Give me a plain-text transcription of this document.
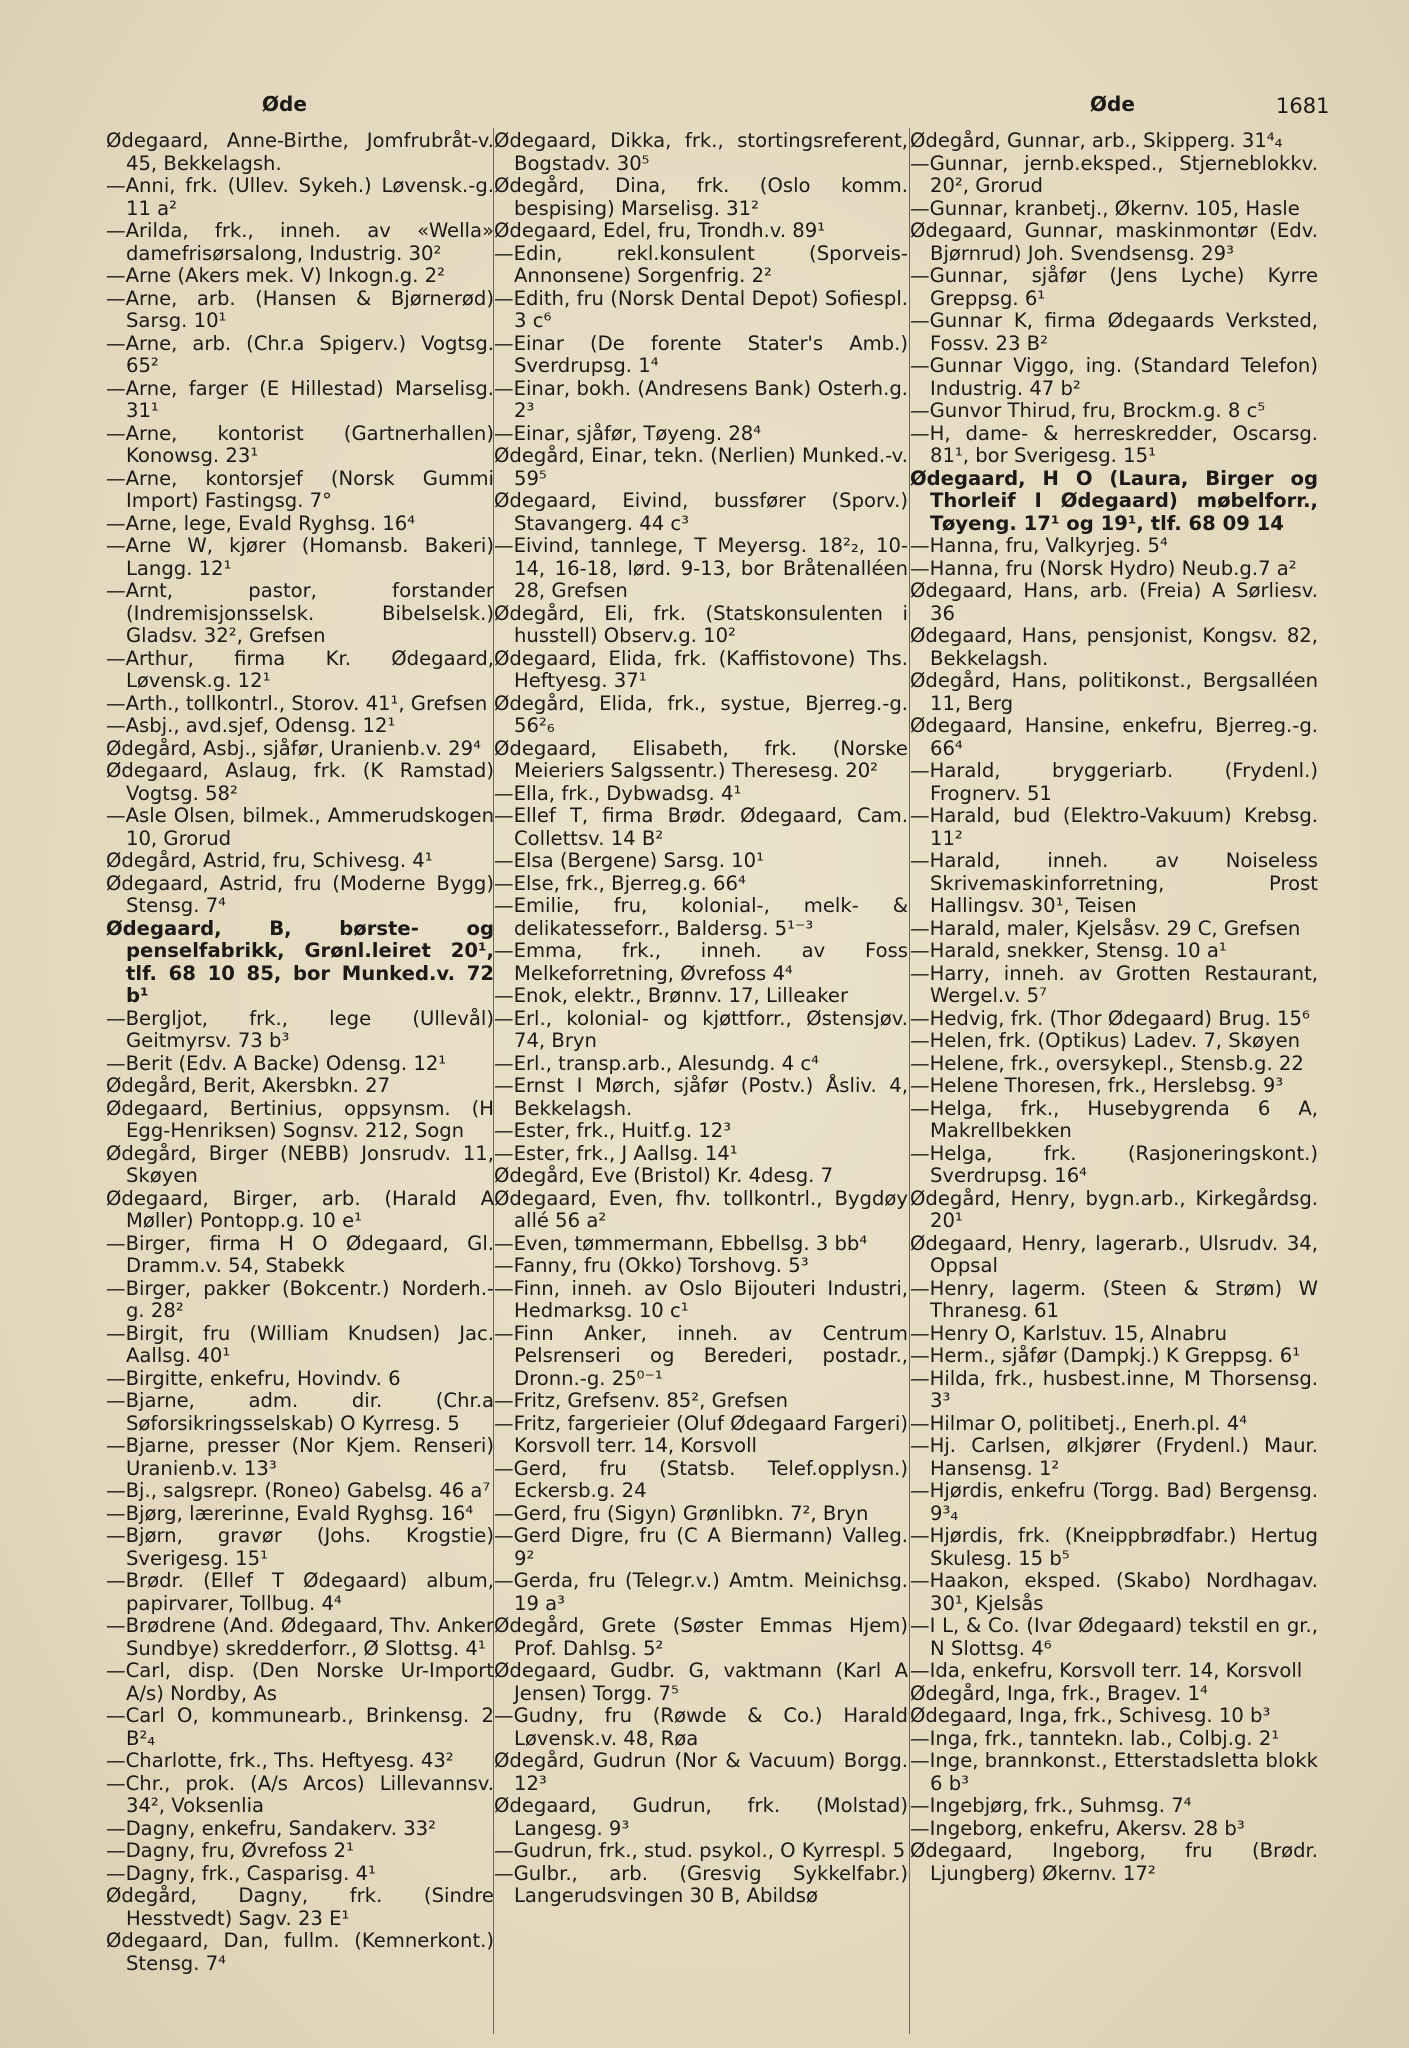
Øde	Øde	1681
Ødegaard, Anne-Birthe, Jomfrubråt-v. 45, Bekkelagsh.
—Anni, frk. (Ullev. Sykeh.) Løvensk.-g. 11 a²
—Arilda, frk., inneh. av «Wella» damefrisørsalong, Industrig. 30²
—Arne (Akers mek. V) Inkogn.g. 2²
—Arne, arb. (Hansen & Bjørnerød) Sarsg. 10¹
—Arne, arb. (Chr.a Spigerv.) Vogtsg. 65²
—Arne, farger (E Hillestad) Marselisg. 31¹
—Arne, kontorist (Gartnerhallen) Konowsg. 23¹
—Arne, kontorsjef (Norsk Gummi Import) Fastingsg. 7°
—Arne, lege, Evald Ryghsg. 16⁴
—Arne W, kjører (Homansb. Bakeri) Langg. 12¹
—Arnt, pastor, forstander (Indremisjonsselsk. Bibelselsk.) Gladsv. 32², Grefsen
—Arthur, firma Kr. Ødegaard, Løvensk.g. 12¹
—Arth., tollkontrl., Storov. 41¹, Grefsen
—Asbj., avd.sjef, Odensg. 12¹
Ødegård, Asbj., sjåfør, Uranienb.v. 29⁴
Ødegaard, Aslaug, frk. (K Ramstad) Vogtsg. 58²
—Asle Olsen, bilmek., Ammerudskogen 10, Grorud
Ødegård, Astrid, fru, Schivesg. 4¹
Ødegaard, Astrid, fru (Moderne Bygg) Stensg. 7⁴
Ødegaard, B, børste- og penselfabrikk, Grønl.leiret 20¹, tlf. 68 10 85, bor Munked.v. 72 b¹
—Bergljot, frk., lege (Ullevål) Geitmyrsv. 73 b³
—Berit (Edv. A Backe) Odensg. 12¹
Ødegård, Berit, Akersbkn. 27
Ødegaard, Bertinius, oppsynsm. (H Egg-Henriksen) Sognsv. 212, Sogn
Ødegård, Birger (NEBB) Jonsrudv. 11, Skøyen
Ødegaard, Birger, arb. (Harald A Møller) Pontopp.g. 10 e¹
—Birger, firma H O Ødegaard, Gl. Dramm.v. 54, Stabekk
—Birger, pakker (Bokcentr.) Norderh.-g. 28²
—Birgit, fru (William Knudsen) Jac. Aallsg. 40¹
—Birgitte, enkefru, Hovindv. 6
—Bjarne, adm. dir. (Chr.a Søforsikringsselskab) O Kyrresg. 5
—Bjarne, presser (Nor Kjem. Renseri) Uranienb.v. 13³
—Bj., salgsrepr. (Roneo) Gabelsg. 46 a⁷
—Bjørg, lærerinne, Evald Ryghsg. 16⁴
—Bjørn, gravør (Johs. Krogstie) Sverigesg. 15¹
—Brødr. (Ellef T Ødegaard) album, papirvarer, Tollbug. 4⁴
—Brødrene (And. Ødegaard, Thv. Anker Sundbye) skredderforr., Ø Slottsg. 4¹
—Carl, disp. (Den Norske Ur-Import A/s) Nordby, As
—Carl O, kommunearb., Brinkensg. 2 B²₄
—Charlotte, frk., Ths. Heftyesg. 43²
—Chr., prok. (A/s Arcos) Lillevannsv. 34², Voksenlia
—Dagny, enkefru, Sandakerv. 33²
—Dagny, fru, Øvrefoss 2¹
—Dagny, frk., Casparisg. 4¹
Ødegård, Dagny, frk. (Sindre Hesstvedt) Sagv. 23 E¹
Ødegaard, Dan, fullm. (Kemnerkont.) Stensg. 7⁴
Ødegaard, Dikka, frk., stortingsreferent, Bogstadv. 30⁵
Ødegård, Dina, frk. (Oslo komm. bespising) Marselisg. 31²
Ødegaard, Edel, fru, Trondh.v. 89¹
—Edin, rekl.konsulent (Sporveis-Annonsene) Sorgenfrig. 2²
—Edith, fru (Norsk Dental Depot) Sofiespl. 3 c⁶
—Einar (De forente Stater's Amb.) Sverdrupsg. 1⁴
—Einar, bokh. (Andresens Bank) Osterh.g. 2³
—Einar, sjåfør, Tøyeng. 28⁴
Ødegård, Einar, tekn. (Nerlien) Munked.-v. 59⁵
Ødegaard, Eivind, bussfører (Sporv.) Stavangerg. 44 c³
—Eivind, tannlege, T Meyersg. 18²₂, 10-14, 16-18, lørd. 9-13, bor Bråtenalléen 28, Grefsen
Ødegård, Eli, frk. (Statskonsulenten i husstell) Observ.g. 10²
Ødegaard, Elida, frk. (Kaffistovone) Ths. Heftyesg. 37¹
Ødegård, Elida, frk., systue, Bjerreg.-g. 56²₆
Ødegaard, Elisabeth, frk. (Norske Meieriers Salgssentr.) Theresesg. 20²
—Ella, frk., Dybwadsg. 4¹
—Ellef T, firma Brødr. Ødegaard, Cam. Collettsv. 14 B²
—Elsa (Bergene) Sarsg. 10¹
—Else, frk., Bjerreg.g. 66⁴
—Emilie, fru, kolonial-, melk- & delikatesseforr., Baldersg. 5¹⁻³
—Emma, frk., inneh. av Foss Melkeforretning, Øvrefoss 4⁴
—Enok, elektr., Brønnv. 17, Lilleaker
—Erl., kolonial- og kjøttforr., Østensjøv. 74, Bryn
—Erl., transp.arb., Alesundg. 4 c⁴
—Ernst I Mørch, sjåfør (Postv.) Åsliv. 4, Bekkelagsh.
—Ester, frk., Huitf.g. 12³
—Ester, frk., J Aallsg. 14¹
Ødegård, Eve (Bristol) Kr. 4desg. 7
Ødegaard, Even, fhv. tollkontrl., Bygdøy allé 56 a²
—Even, tømmermann, Ebbellsg. 3 bb⁴
—Fanny, fru (Okko) Torshovg. 5³
—Finn, inneh. av Oslo Bijouteri Industri, Hedmarksg. 10 c¹
—Finn Anker, inneh. av Centrum Pelsrenseri og Berederi, postadr., Dronn.-g. 25⁰⁻¹
—Fritz, Grefsenv. 85², Grefsen
—Fritz, fargerieier (Oluf Ødegaard Fargeri) Korsvoll terr. 14, Korsvoll
—Gerd, fru (Statsb. Telef.opplysn.) Eckersb.g. 24
—Gerd, fru (Sigyn) Grønlibkn. 7², Bryn
—Gerd Digre, fru (C A Biermann) Valleg. 9²
—Gerda, fru (Telegr.v.) Amtm. Meinichsg. 19 a³
Ødegård, Grete (Søster Emmas Hjem) Prof. Dahlsg. 5²
Ødegaard, Gudbr. G, vaktmann (Karl A Jensen) Torgg. 7⁵
—Gudny, fru (Røwde & Co.) Harald Løvensk.v. 48, Røa
Ødegård, Gudrun (Nor & Vacuum) Borgg. 12³
Ødegaard, Gudrun, frk. (Molstad) Langesg. 9³
—Gudrun, frk., stud. psykol., O Kyrrespl. 5
—Gulbr., arb. (Gresvig Sykkelfabr.) Langerudsvingen 30 B, Abildsø
Ødegård, Gunnar, arb., Skipperg. 31⁴₄
—Gunnar, jernb.eksped., Stjerneblokkv. 20², Grorud
—Gunnar, kranbetj., Økernv. 105, Hasle
Ødegaard, Gunnar, maskinmontør (Edv. Bjørnrud) Joh. Svendsensg. 29³
—Gunnar, sjåfør (Jens Lyche) Kyrre Greppsg. 6¹
—Gunnar K, firma Ødegaards Verksted, Fossv. 23 B²
—Gunnar Viggo, ing. (Standard Telefon) Industrig. 47 b²
—Gunvor Thirud, fru, Brockm.g. 8 c⁵
—H, dame- & herreskredder, Oscarsg. 81¹, bor Sverigesg. 15¹
Ødegaard, H O (Laura, Birger og Thorleif I Ødegaard) møbelforr., Tøyeng. 17¹ og 19¹, tlf. 68 09 14
—Hanna, fru, Valkyrjeg. 5⁴
—Hanna, fru (Norsk Hydro) Neub.g.7 a²
Ødegaard, Hans, arb. (Freia) A Sørliesv. 36
Ødegaard, Hans, pensjonist, Kongsv. 82, Bekkelagsh.
Ødegård, Hans, politikonst., Bergsalléen 11, Berg
Ødegaard, Hansine, enkefru, Bjerreg.-g. 66⁴
—Harald, bryggeriarb. (Frydenl.) Frognerv. 51
—Harald, bud (Elektro-Vakuum) Krebsg. 11²
—Harald, inneh. av Noiseless Skrivemaskinforretning, Prost Hallingsv. 30¹, Teisen
—Harald, maler, Kjelsåsv. 29 C, Grefsen
—Harald, snekker, Stensg. 10 a¹
—Harry, inneh. av Grotten Restaurant, Wergel.v. 5⁷
—Hedvig, frk. (Thor Ødegaard) Brug. 15⁶
—Helen, frk. (Optikus) Ladev. 7, Skøyen
—Helene, frk., oversykepl., Stensb.g. 22
—Helene Thoresen, frk., Herslebsg. 9³
—Helga, frk., Husebygrenda 6 A, Makrellbekken
—Helga, frk. (Rasjoneringskont.) Sverdrupsg. 16⁴
Ødegård, Henry, bygn.arb., Kirkegårdsg. 20¹
Ødegaard, Henry, lagerarb., Ulsrudv. 34, Oppsal
—Henry, lagerm. (Steen & Strøm) W Thranesg. 61
—Henry O, Karlstuv. 15, Alnabru
—Herm., sjåfør (Dampkj.) K Greppsg. 6¹
—Hilda, frk., husbest.inne, M Thorsensg. 3³
—Hilmar O, politibetj., Enerh.pl. 4⁴
—Hj. Carlsen, ølkjører (Frydenl.) Maur. Hansensg. 1²
—Hjørdis, enkefru (Torgg. Bad) Bergensg. 9³₄
—Hjørdis, frk. (Kneippbrødfabr.) Hertug Skulesg. 15 b⁵
—Haakon, eksped. (Skabo) Nordhagav. 30¹, Kjelsås
—I L, & Co. (Ivar Ødegaard) tekstil en gr., N Slottsg. 4⁶
—Ida, enkefru, Korsvoll terr. 14, Korsvoll
Ødegård, Inga, frk., Bragev. 1⁴
Ødegaard, Inga, frk., Schivesg. 10 b³
—Inga, frk., tanntekn. lab., Colbj.g. 2¹
—Inge, brannkonst., Etterstadsletta blokk 6 b³
—Ingebjørg, frk., Suhmsg. 7⁴
—Ingeborg, enkefru, Akersv. 28 b³
Ødegaard, Ingeborg, fru (Brødr. Ljungberg) Økernv. 17²
